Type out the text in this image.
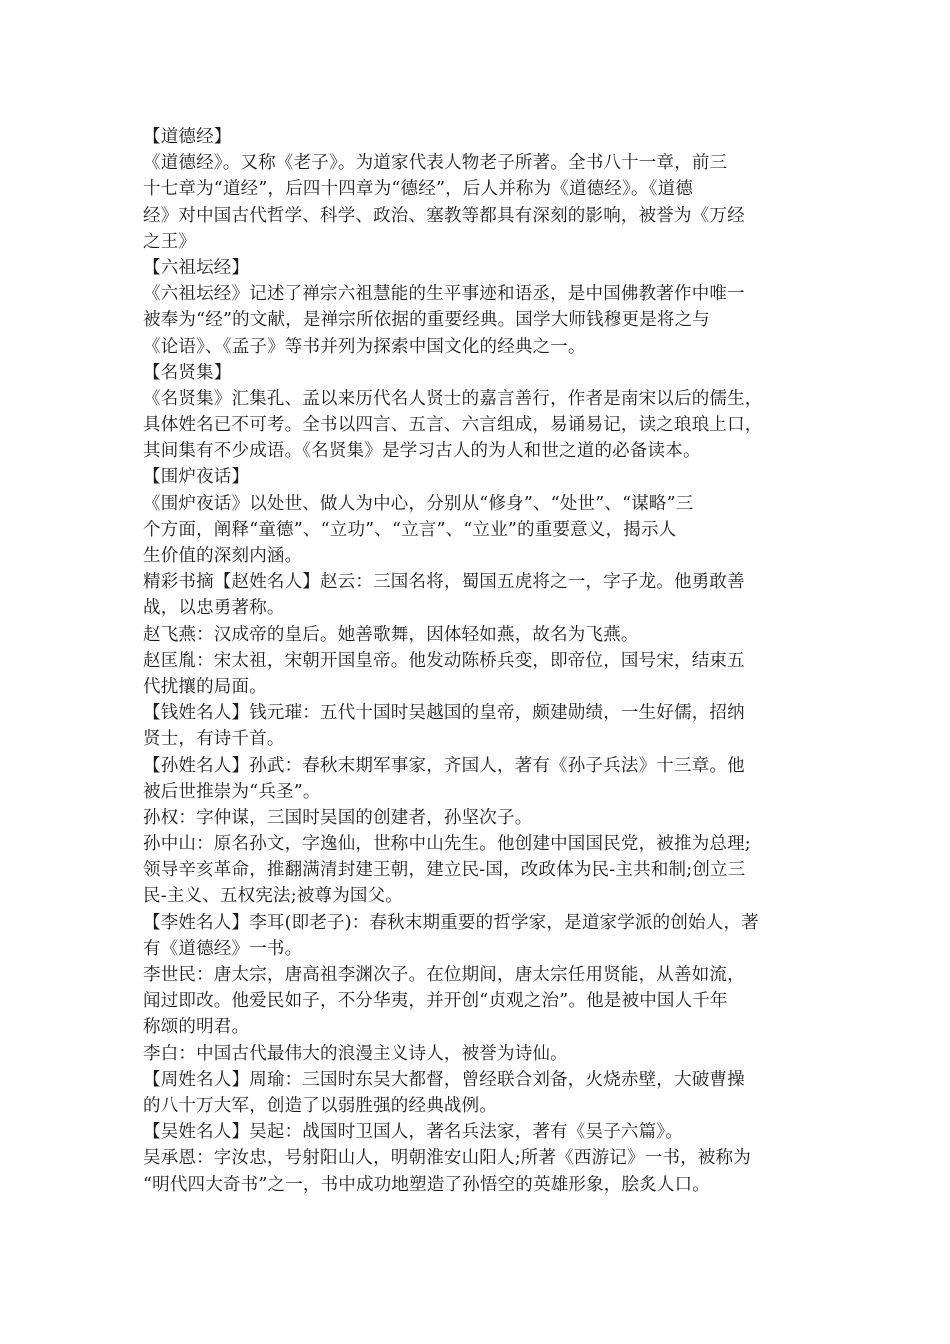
【道德经】
《道德经》。又称《老子》。为道家代表人物老子所著。全书八十一章，前三
十七章为“道经”，后四十四章为“德经”，后人并称为《道德经》。《道德
经》对中国古代哲学、科学、政治、塞教等都具有深刻的影响，被誉为《万经
之王》
【六祖坛经】
《六祖坛经》记述了禅宗六祖慧能的生平事迹和语丞，是中国佛教著作中唯一
被奉为“经”的文献，是禅宗所依据的重要经典。国学大师钱穆更是将之与
《论语》、《孟子》等书并列为探索中国文化的经典之一。
【名贤集】
《名贤集》汇集孔、孟以来历代名人贤士的嘉言善行，作者是南宋以后的儒生，
具体姓名已不可考。全书以四言、五言、六言组成，易诵易记，读之琅琅上口，
其间集有不少成语。《名贤集》是学习古人的为人和世之道的必备读本。
【围炉夜话】
《围炉夜话》以处世、做人为中心，分别从“修身”、“处世”、“谋略”三
个方面，阐释“童德”、“立功”、“立言”、“立业”的重要意义，揭示人
生价值的深刻内涵。
精彩书摘【赵姓名人】赵云：三国名将，蜀国五虎将之一，字子龙。他勇敢善
战，以忠勇著称。
赵飞燕：汉成帝的皇后。她善歌舞，因体轻如燕，故名为飞燕。
赵匡胤：宋太祖，宋朝开国皇帝。他发动陈桥兵变，即帝位，国号宋，结束五
代扰攘的局面。
【钱姓名人】钱元璀：五代十国时吴越国的皇帝，颇建勋绩，一生好儒，招纳
贤士，有诗千首。
【孙姓名人】孙武：春秋末期军事家，齐国人，著有《孙子兵法》十三章。他
被后世推崇为“兵圣”。
孙权：字仲谋，三国时吴国的创建者，孙坚次子。
孙中山：原名孙文，字逸仙，世称中山先生。他创建中国国民党，被推为总理;
领导辛亥革命，推翻满清封建王朝，建立民-国，改政体为民-主共和制;创立三
民-主义、五权宪法;被尊为国父。
【李姓名人】李耳(即老子)：春秋末期重要的哲学家，是道家学派的创始人，著
有《道德经》一书。
李世民：唐太宗，唐高祖李渊次子。在位期间，唐太宗任用贤能，从善如流，
闻过即改。他爱民如子，不分华夷，并开创“贞观之治”。他是被中国人千年
称颂的明君。
李白：中国古代最伟大的浪漫主义诗人，被誉为诗仙。
【周姓名人】周瑜：三国时东吴大都督，曾经联合刘备，火烧赤壁，大破曹操
的八十万大军，创造了以弱胜强的经典战例。
【吴姓名人】吴起：战国时卫国人，著名兵法家，著有《吴子六篇》。
吴承恩：字汝忠，号射阳山人，明朝淮安山阳人;所著《西游记》一书，被称为
“明代四大奇书”之一，书中成功地塑造了孙悟空的英雄形象，脍炙人口。
